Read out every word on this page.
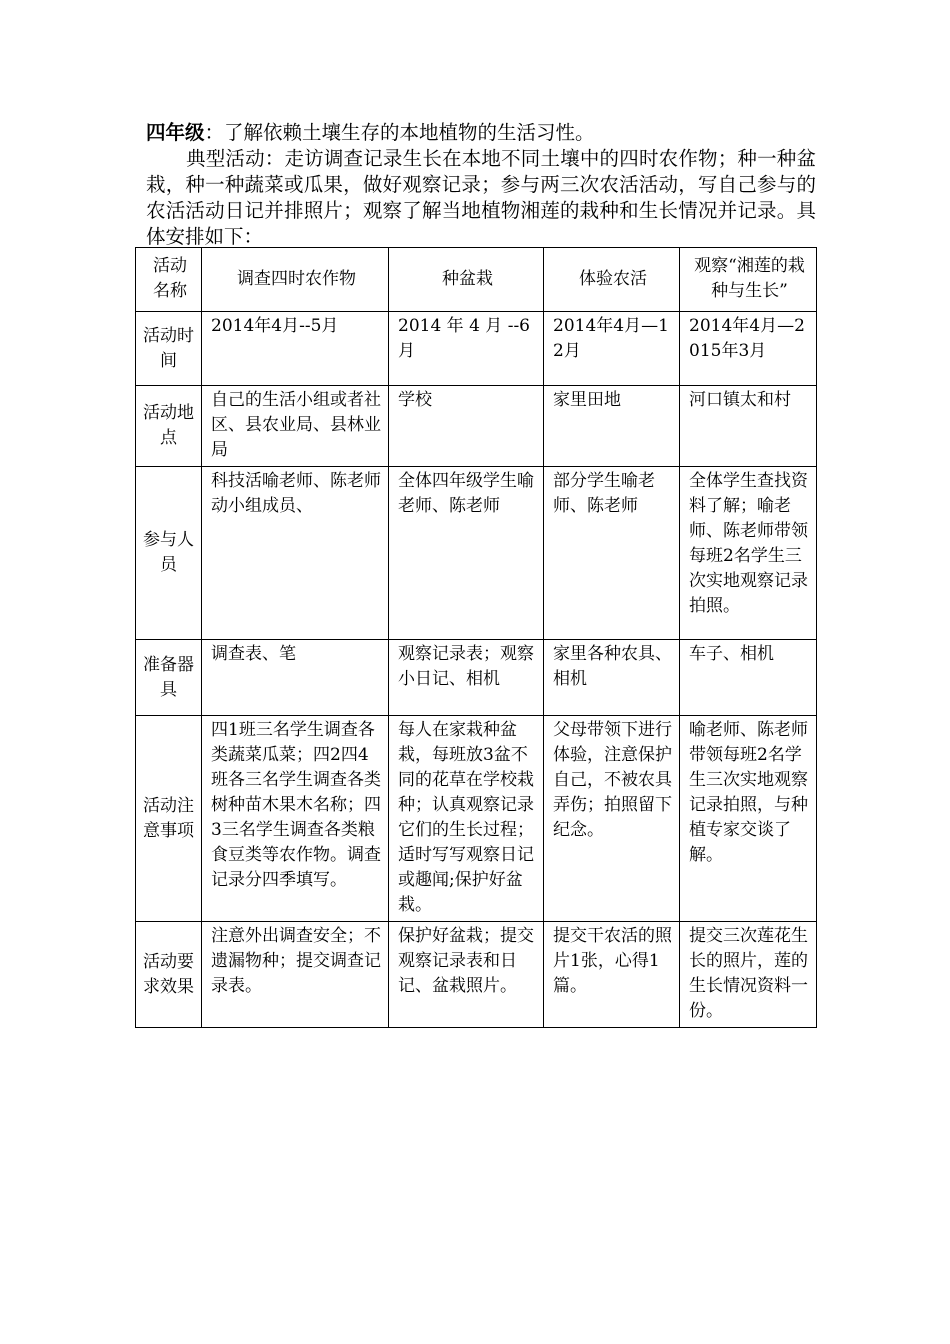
四年级：了解依赖土壤生存的本地植物的生活习性。

典型活动：走访调查记录生长在本地不同土壤中的四时农作物；种一种盆栽，种一种蔬菜或瓜果，做好观察记录；参与两三次农活活动，写自己参与的农活活动日记并排照片；观察了解当地植物湘莲的栽种和生长情况并记录。具体安排如下：

活动名称	调查四时农作物	种盆栽	体验农活	观察“湘莲的栽种与生长”
活动时间	2014年4月--5月	2014 年 4 月 --6月	2014年4月—12月	2014年4月—2015年3月
活动地点	自己的生活小组或者社区、县农业局、县林业局	学校	家里田地	河口镇太和村
参与人员	科技活喻老师、陈老师动小组成员、	全体四年级学生喻老师、陈老师	部分学生喻老师、陈老师	全体学生查找资料了解；喻老师、陈老师带领每班2名学生三次实地观察记录拍照。
准备器具	调查表、笔	观察记录表；观察小日记、相机	家里各种农具、相机	车子、相机
活动注意事项	四1班三名学生调查各类蔬菜瓜菜；四2四4班各三名学生调查各类树种苗木果木名称；四3三名学生调查各类粮食豆类等农作物。调查记录分四季填写。	每人在家栽种盆栽，每班放3盆不同的花草在学校栽种；认真观察记录它们的生长过程；适时写写观察日记或趣闻;保护好盆栽。	父母带领下进行体验，注意保护自己，不被农具弄伤；拍照留下纪念。	喻老师、陈老师带领每班2名学生三次实地观察记录拍照，与种植专家交谈了解。
活动要求效果	注意外出调查安全；不遗漏物种；提交调查记录表。	保护好盆栽；提交观察记录表和日记、盆栽照片。	提交干农活的照片1张，心得1篇。	提交三次莲花生长的照片，莲的生长情况资料一份。
